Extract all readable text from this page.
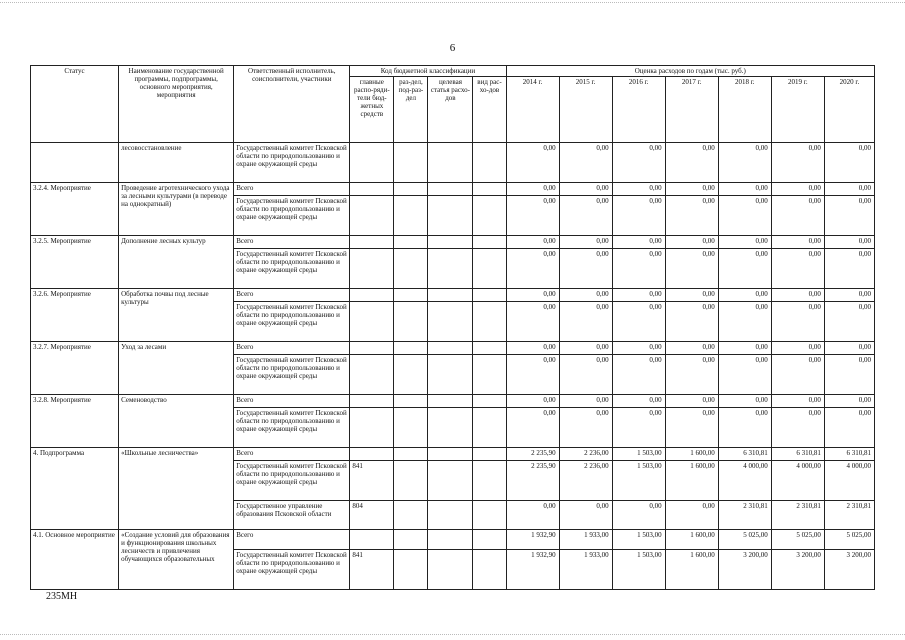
6
Статус	Наименование государственной программы, подпрограммы, основного мероприятия, мероприятия	Ответственный исполнитель, соисполнители, участники	Код бюджетной классификации				Оценка расходов по годам (тыс. руб.)						
			главные распо-ряди-тели бюд-жетных средств	раз-дел, под-раз-дел	целевая статья расхо-дов	вид рас-хо-дов	2014 г.	2015 г.	2016 г.	2017 г.	2018 г.	2019 г.	2020 г.
	лесовосстановление	Государственный комитет Псковской области по природопользованию и охране окружающей среды					0,00	0,00	0,00	0,00	0,00	0,00	0,00
3.2.4. Мероприятие	Проведение агротехнического ухода за лесными культурами (в переводе на однократный)	Всего					0,00	0,00	0,00	0,00	0,00	0,00	0,00
		Государственный комитет Псковской области по природопользованию и охране окружающей среды					0,00	0,00	0,00	0,00	0,00	0,00	0,00
3.2.5. Мероприятие	Дополнение лесных культур	Всего					0,00	0,00	0,00	0,00	0,00	0,00	0,00
		Государственный комитет Псковской области по природопользованию и охране окружающей среды					0,00	0,00	0,00	0,00	0,00	0,00	0,00
3.2.6. Мероприятие	Обработка почвы под лесные культуры	Всего					0,00	0,00	0,00	0,00	0,00	0,00	0,00
		Государственный комитет Псковской области по природопользованию и охране окружающей среды					0,00	0,00	0,00	0,00	0,00	0,00	0,00
3.2.7. Мероприятие	Уход за лесами	Всего					0,00	0,00	0,00	0,00	0,00	0,00	0,00
		Государственный комитет Псковской области по природопользованию и охране окружающей среды					0,00	0,00	0,00	0,00	0,00	0,00	0,00
3.2.8. Мероприятие	Семеноводство	Всего					0,00	0,00	0,00	0,00	0,00	0,00	0,00
		Государственный комитет Псковской области по природопользованию и охране окружающей среды					0,00	0,00	0,00	0,00	0,00	0,00	0,00
4. Подпрограмма	«Школьные лесничества»	Всего					2 235,90	2 236,00	1 503,00	1 600,00	6 310,81	6 310,81	6 310,81
		Государственный комитет Псковской области по природопользованию и охране окружающей среды	841				2 235,90	2 236,00	1 503,00	1 600,00	4 000,00	4 000,00	4 000,00
		Государственное управление образования Псковской области	804				0,00	0,00	0,00	0,00	2 310,81	2 310,81	2 310,81
4.1. Основное мероприятие	«Создание условий для образования и функционирования школьных лесничеств и привлечения обучающихся образовательных	Всего					1 932,90	1 933,00	1 503,00	1 600,00	5 025,00	5 025,00	5 025,00
		Государственный комитет Псковской области по природопользованию и охране окружающей среды	841				1 932,90	1 933,00	1 503,00	1 600,00	3 200,00	3 200,00	3 200,00
235МН
